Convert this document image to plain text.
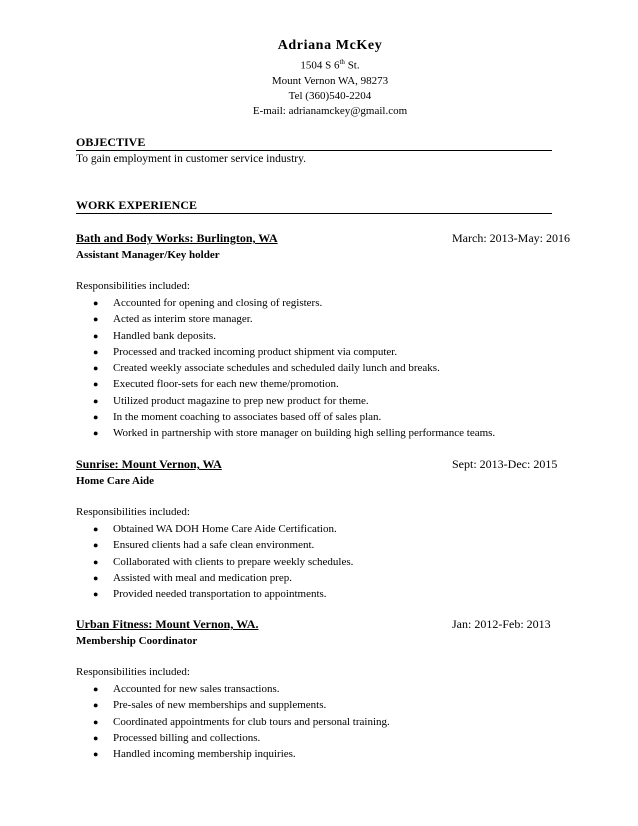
Adriana McKey
1504 S 6th St.
Mount Vernon WA, 98273
Tel (360)540-2204
E-mail: adrianamckey@gmail.com
OBJECTIVE
To gain employment in customer service industry.
WORK EXPERIENCE
Bath and Body Works: Burlington, WA	March: 2013-May: 2016
Assistant Manager/Key holder
Responsibilities included:
● Accounted for opening and closing of registers.
● Acted as interim store manager.
● Handled bank deposits.
● Processed and tracked incoming product shipment via computer.
● Created weekly associate schedules and scheduled daily lunch and breaks.
● Executed floor-sets for each new theme/promotion.
● Utilized product magazine to prep new product for theme.
● In the moment coaching to associates based off of sales plan.
● Worked in partnership with store manager on building high selling performance teams.
Sunrise: Mount Vernon, WA	Sept: 2013-Dec: 2015
Home Care Aide
Responsibilities included:
● Obtained WA DOH Home Care Aide Certification.
● Ensured clients had a safe clean environment.
● Collaborated with clients to prepare weekly schedules.
● Assisted with meal and medication prep.
● Provided needed transportation to appointments.
Urban Fitness: Mount Vernon, WA.	Jan: 2012-Feb: 2013
Membership Coordinator
Responsibilities included:
● Accounted for new sales transactions.
● Pre-sales of new memberships and supplements.
● Coordinated appointments for club tours and personal training.
● Processed billing and collections.
● Handled incoming membership inquiries.
